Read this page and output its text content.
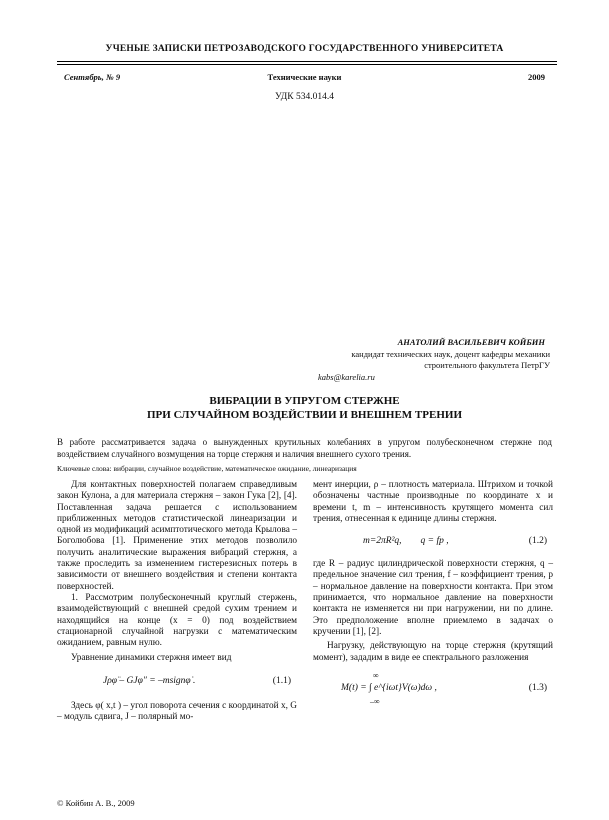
УЧЕНЫЕ ЗАПИСКИ ПЕТРОЗАВОДСКОГО ГОСУДАРСТВЕННОГО УНИВЕРСИТЕТА
Технические науки
Сентябрь, № 9	2009
УДК 534.014.4
АНАТОЛИЙ ВАСИЛЬЕВИЧ КОЙБИН
кандидат технических наук, доцент кафедры механики строительного факультета ПетрГУ
kabs@karelia.ru
ВИБРАЦИИ В УПРУГОМ СТЕРЖНЕ
ПРИ СЛУЧАЙНОМ ВОЗДЕЙСТВИИ И ВНЕШНЕМ ТРЕНИИ
В работе рассматривается задача о вынужденных крутильных колебаниях в упругом полубесконечном стержне под воздействием случайного возмущения на торце стержня и наличия внешнего сухого трения.
Ключевые слова: вибрации, случайное воздействие, математическое ожидание, линеаризация

Для контактных поверхностей полагаем справедливым закон Кулона, а для материала стержня – закон Гука [2], [4]. Поставленная задача решается с использованием приближенных методов статистической линеаризации и одной из модификаций асимптотического метода Крылова – Боголюбова [1]. Применение этих методов позволило получить аналитические выражения вибраций стержня, а также проследить за изменением гистерезисных потерь в зависимости от внешнего воздействия и степени контакта поверхностей.

1. Рассмотрим полубесконечный круглый стержень, взаимодействующий с внешней средой сухим трением и находящийся на конце (x = 0) под воздействием стационарной случайной нагрузки с математическим ожиданием, равным нулю.

Уравнение динамики стержня имеет вид

Jρφ̈ – GJφ″ = –msignφ̇ .	(1.1)

Здесь φ( x,t ) – угол поворота сечения с координатой x, G – модуль сдвига, J – полярный мо-

мент инерции, ρ – плотность материала. Штрихом и точкой обозначены частные производные по координате x и времени t, m – интенсивность крутящего момента сил трения, отнесенная к единице длины стержня.

m=2πR²q,        q = fp ,	(1.2)

где R – радиус цилиндрической поверхности стержня, q – предельное значение сил трения, f – коэффициент трения, p – нормальное давление на поверхности контакта. При этом принимается, что нормальное давление на поверхности контакта не изменяется ни при нагружении, ни по длине. Это предположение вполне приемлемо в задачах о кручении [1], [2].

Нагрузку, действующую на торце стержня (крутящий момент), зададим в виде ее спектрального разложения

∞
M(t) = ∫ e^{iωt}V(ω)dω ,
–∞
(1.3)
© Койбин А. В., 2009
